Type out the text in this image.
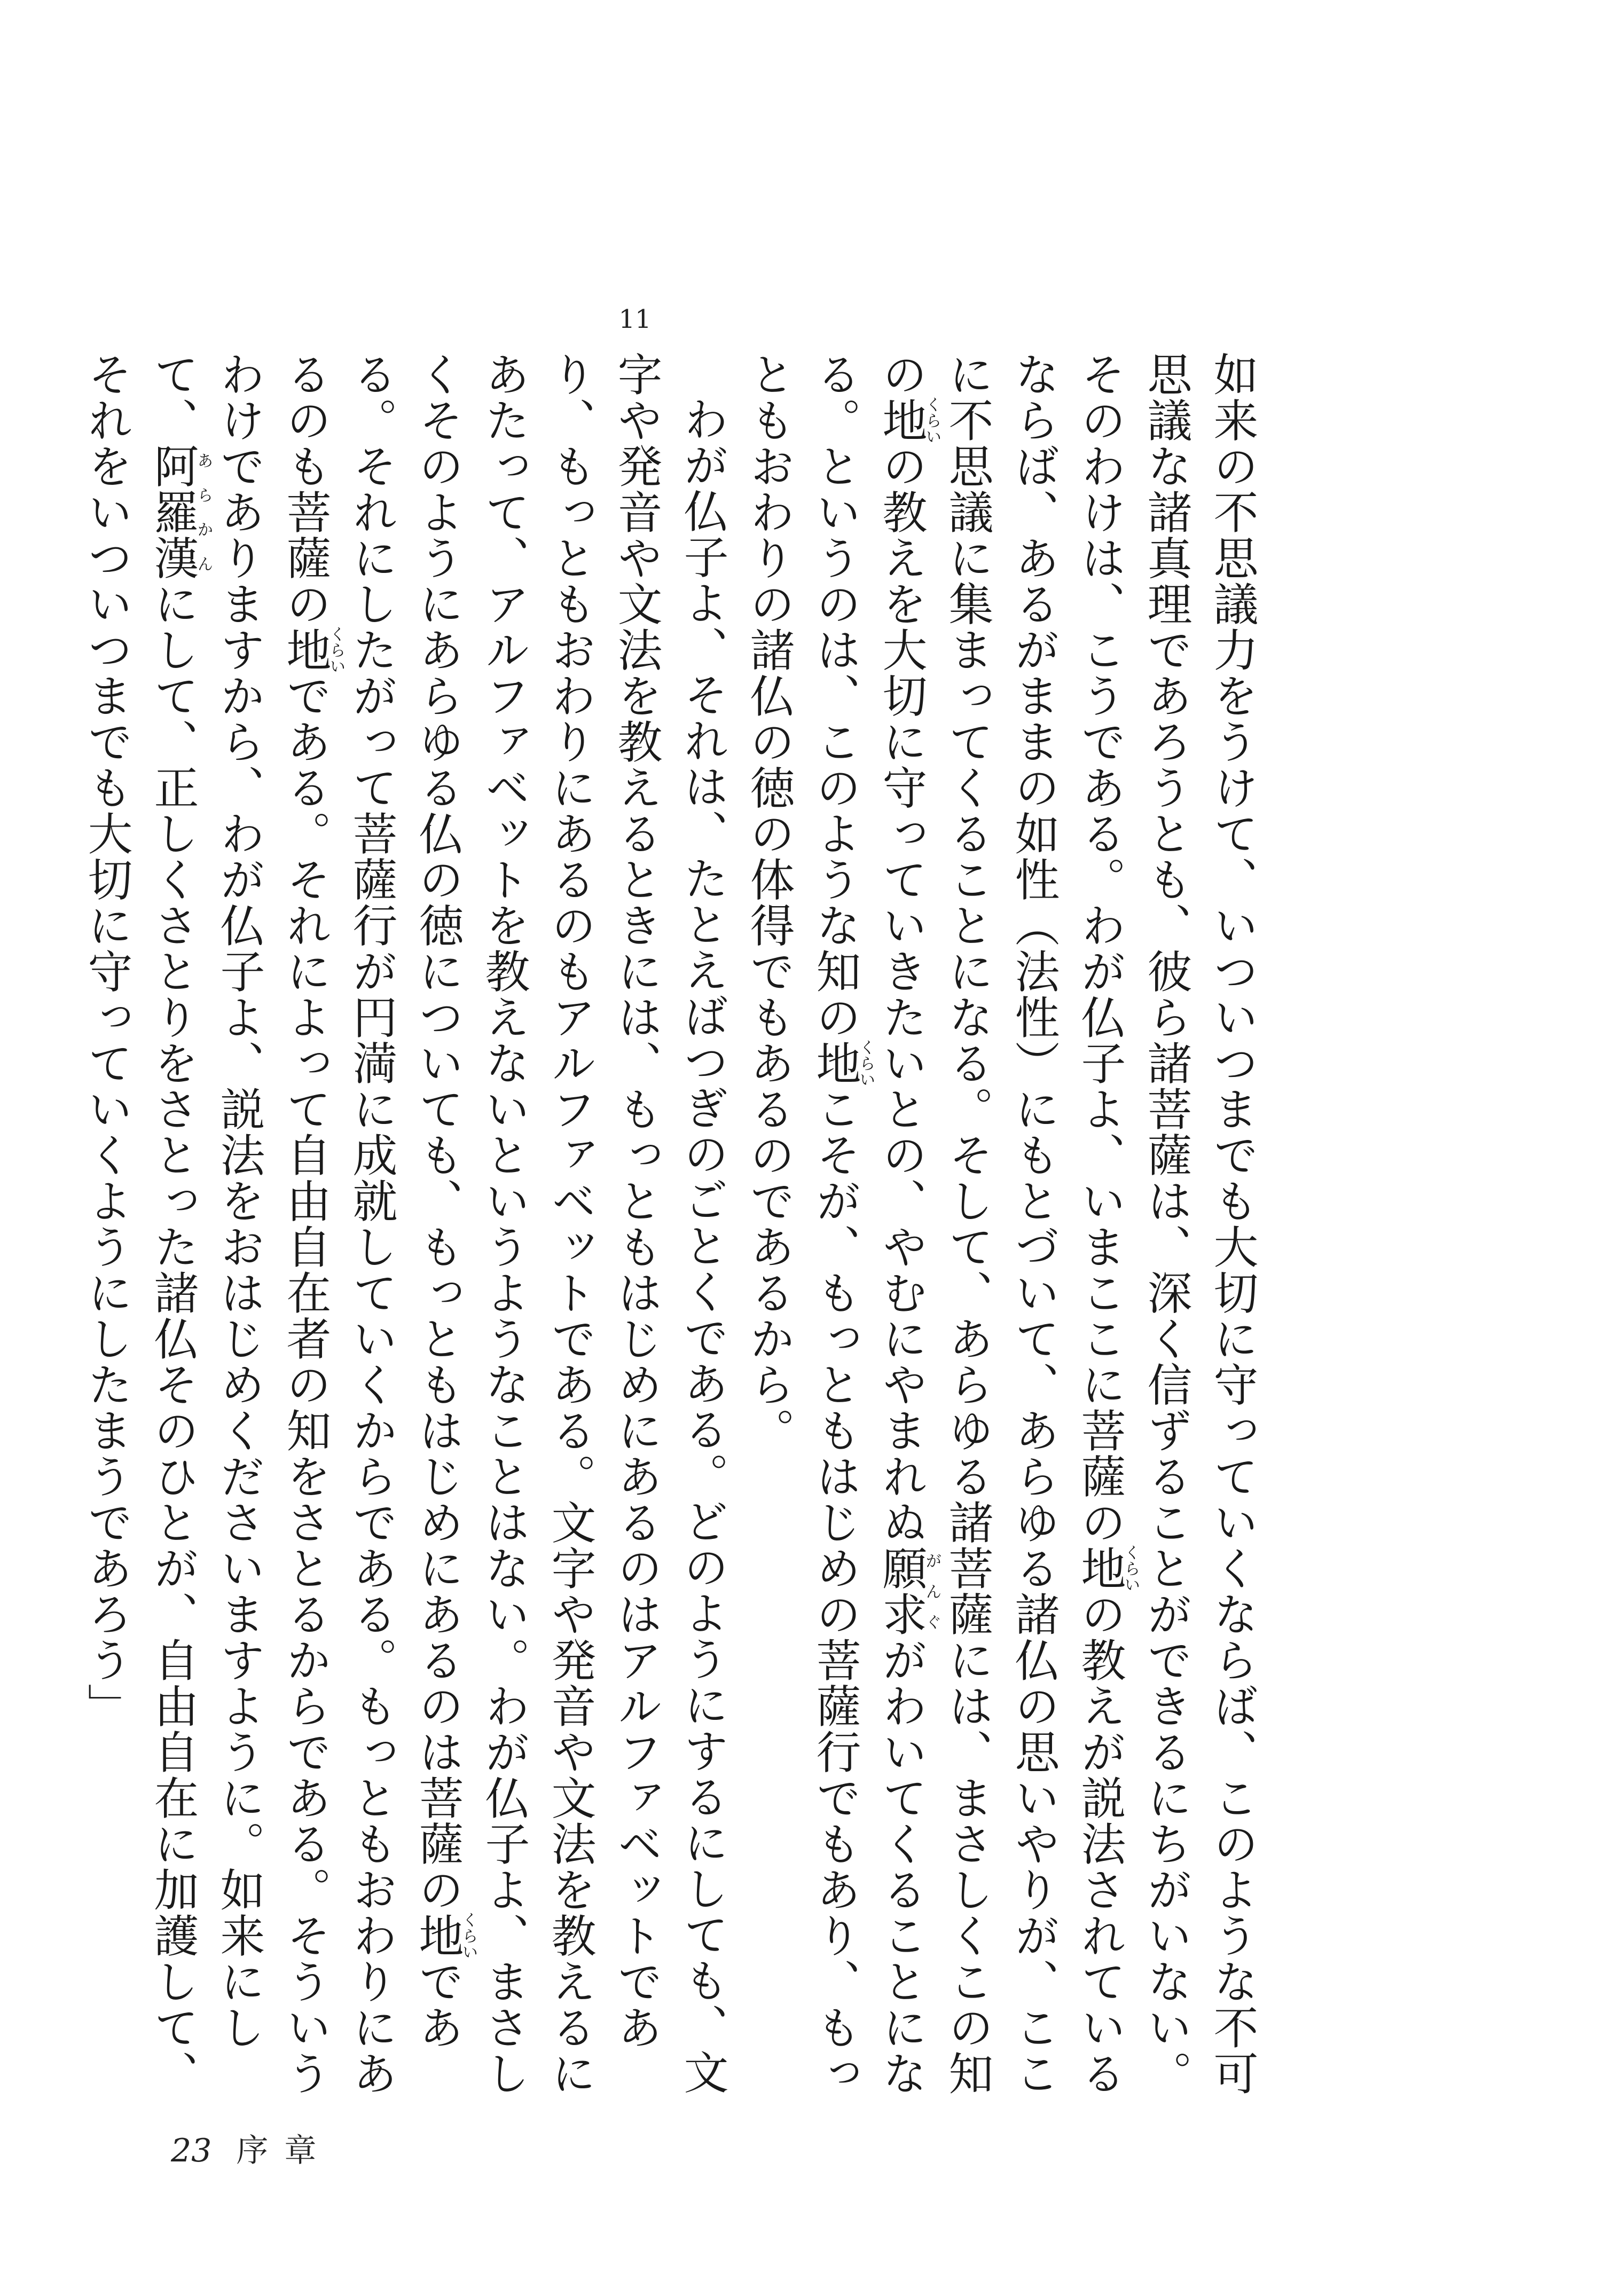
11

如来の不思議力をうけて、いついつまでも大切に守っていくならば、このような不可思議な諸真理であろうとも、彼ら諸菩薩は、深く信ずることができるにちがいない。そのわけは、こうである。わが仏子よ、いまここに菩薩の地くらいの教えが説法されているならば、あるがままの如性（法性）にもとづいて、あらゆる諸仏の思いやりが、ここに不思議に集まってくることになる。そして、あらゆる諸菩薩には、まさしくこの知の地くらいの教えを大切に守っていきたいとの、やむにやまれぬ願求がんぐがわいてくることになる。というのは、このような知の地くらいこそが、もっともはじめの菩薩行でもあり、もっともおわりの諸仏の徳の体得でもあるのであるから。

わが仏子よ、それは、たとえばつぎのごとくである。どのようにするにしても、文字や発音や文法を教えるときには、もっともはじめにあるのはアルファベットであり、もっともおわりにあるのもアルファベットである。文字や発音や文法を教えるにあたって、アルファベットを教えないというようなことはない。わが仏子よ、まさしくそのようにあらゆる仏の徳についても、もっともはじめにあるのは菩薩の地くらいである。それにしたがって菩薩行が円満に成就していくからである。もっともおわりにあるのも菩薩の地くらいである。それによって自由自在者の知をさとるからである。そういうわけでありますから、わが仏子よ、説法をおはじめくださいますように。如来にして、阿羅漢あらかんにして、正しくさとりをさとった諸仏そのひとが、自由自在に加護して、それをいついつまでも大切に守っていくようにしたまうであろう」

23 序章
